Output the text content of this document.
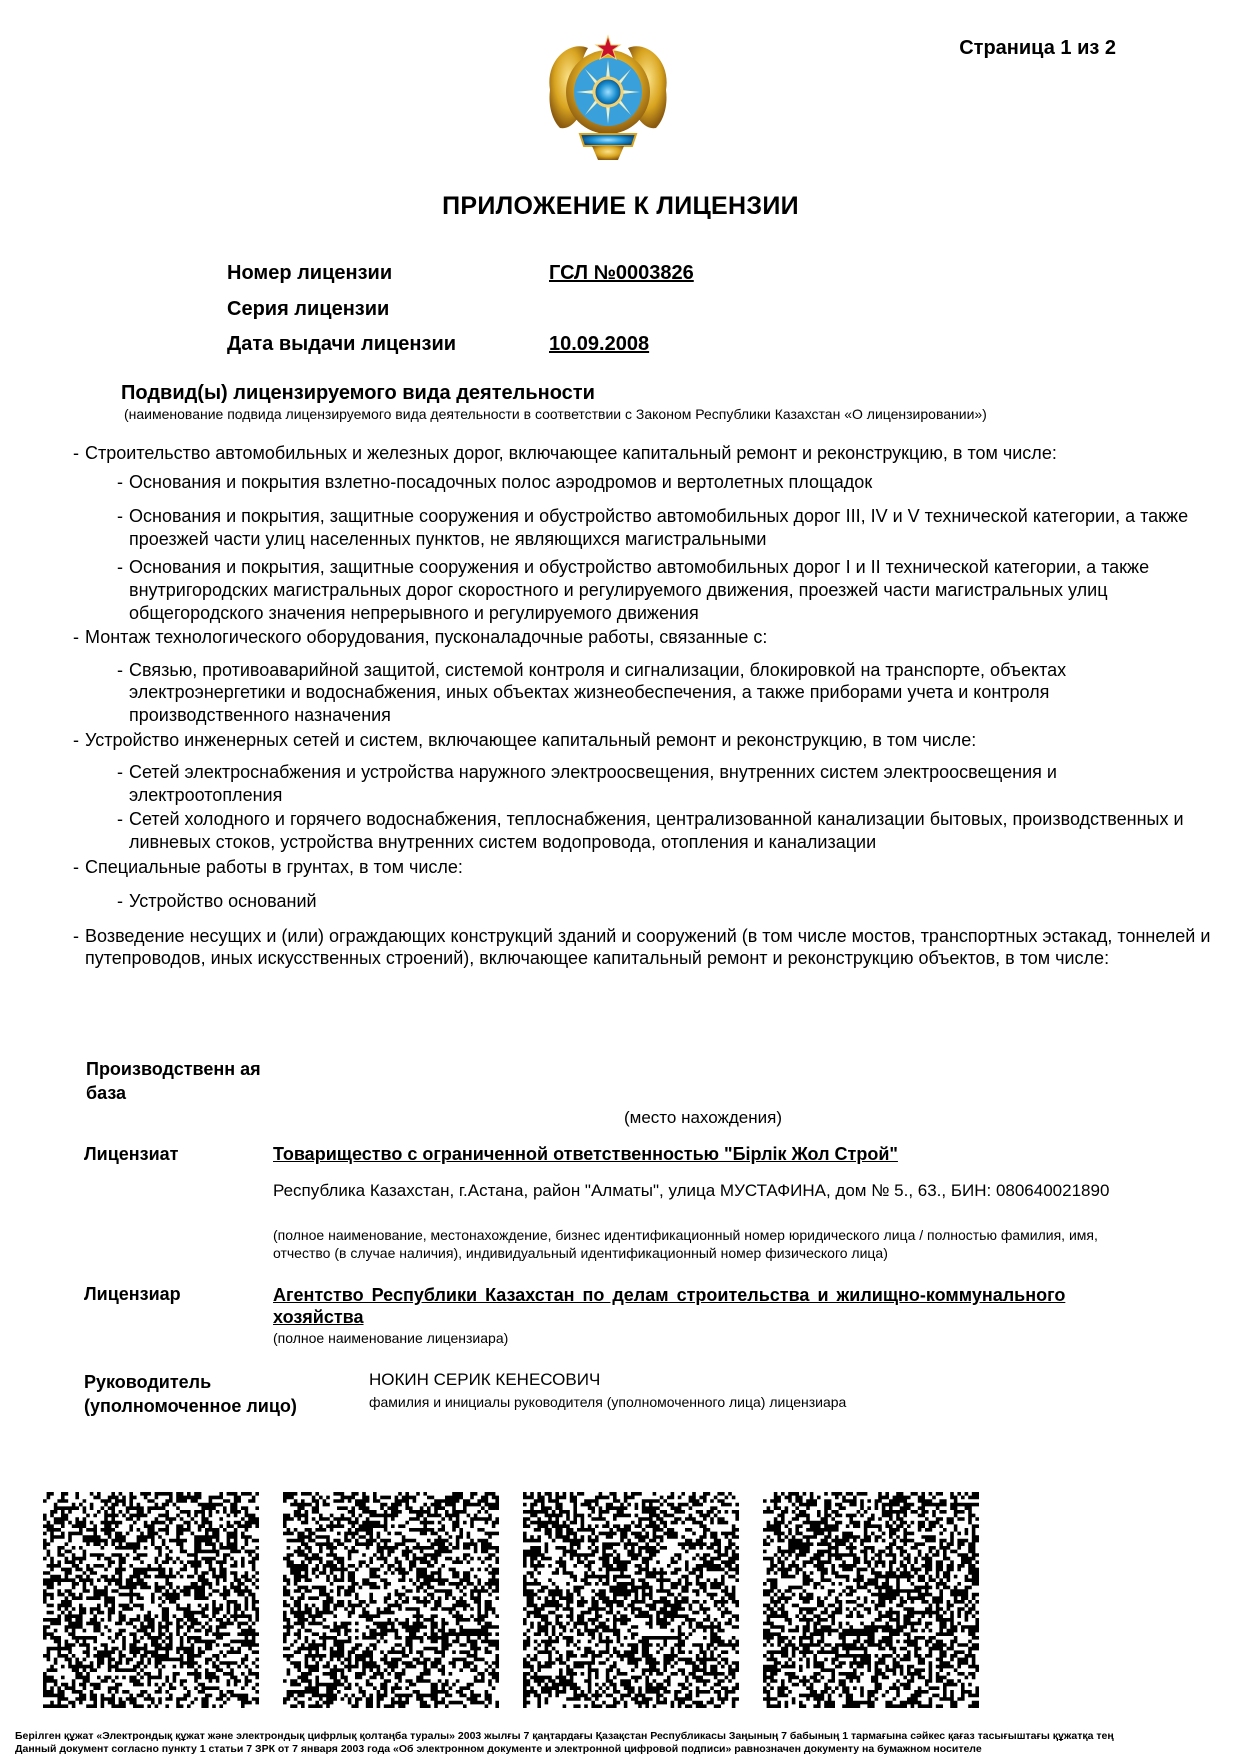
Страница 1 из 2
ПРИЛОЖЕНИЕ К ЛИЦЕНЗИИ
Номер лицензии	ГСЛ №0003826
Серия лицензии
Дата выдачи лицензии	10.09.2008
Подвид(ы) лицензируемого вида деятельности
(наименование подвида лицензируемого вида деятельности в соответствии с Законом Республики Казахстан «О лицензировании»)
- Строительство автомобильных и железных дорог, включающее капитальный ремонт и реконструкцию, в том числе:
- Основания и покрытия взлетно-посадочных полос аэродромов и вертолетных площадок
- Основания и покрытия, защитные сооружения и обустройство автомобильных дорог III, IV и V технической категории, а также проезжей части улиц населенных пунктов, не являющихся магистральными
- Основания и покрытия, защитные сооружения и обустройство автомобильных дорог I и II технической категории, а также внутригородских магистральных дорог скоростного и регулируемого движения, проезжей части магистральных улиц общегородского значения непрерывного и регулируемого движения
- Монтаж технологического оборудования, пусконаладочные работы, связанные с:
- Связью, противоаварийной защитой, системой контроля и сигнализации, блокировкой на транспорте, объектах электроэнергетики и водоснабжения, иных объектах жизнеобеспечения, а также приборами учета и контроля производственного назначения
- Устройство инженерных сетей и систем, включающее капитальный ремонт и реконструкцию, в том числе:
- Сетей электроснабжения и устройства наружного электроосвещения, внутренних систем электроосвещения и электроотопления
- Сетей холодного и горячего водоснабжения, теплоснабжения, централизованной канализации бытовых, производственных и ливневых стоков, устройства внутренних систем водопровода, отопления и канализации
- Специальные работы в грунтах, в том числе:
- Устройство оснований
- Возведение несущих и (или) ограждающих конструкций зданий и сооружений (в том числе мостов, транспортных эстакад, тоннелей и путепроводов, иных искусственных строений), включающее капитальный ремонт и реконструкцию объектов, в том числе:
Производственн ая база
(место нахождения)
Лицензиат	Товарищество с ограниченной ответственностью "Бірлік Жол Строй"
Республика Казахстан, г.Астана, район "Алматы", улица МУСТАФИНА, дом № 5., 63., БИН: 080640021890
(полное наименование, местонахождение, бизнес идентификационный номер юридического лица / полностью фамилия, имя, отчество (в случае наличия), индивидуальный идентификационный номер физического лица)
Лицензиар	Агентство Республики Казахстан по делам строительства и жилищно-коммунального хозяйства
(полное наименование лицензиара)
Руководитель (уполномоченное лицо)
НОКИН СЕРИК КЕНЕСОВИЧ
фамилия и инициалы руководителя (уполномоченного лица) лицензиара
Берілген құжат «Электрондық құжат және электрондық цифрлық қолтаңба туралы» 2003 жылғы 7 қаңтардағы Қазақстан Республикасы Заңының 7 бабының 1 тармағына сәйкес қағаз тасығыштағы құжатқа тең
Данный документ согласно пункту 1 статьи 7 ЗРК от 7 января 2003 года «Об электронном документе и электронной цифровой подписи» равнозначен документу на бумажном носителе
